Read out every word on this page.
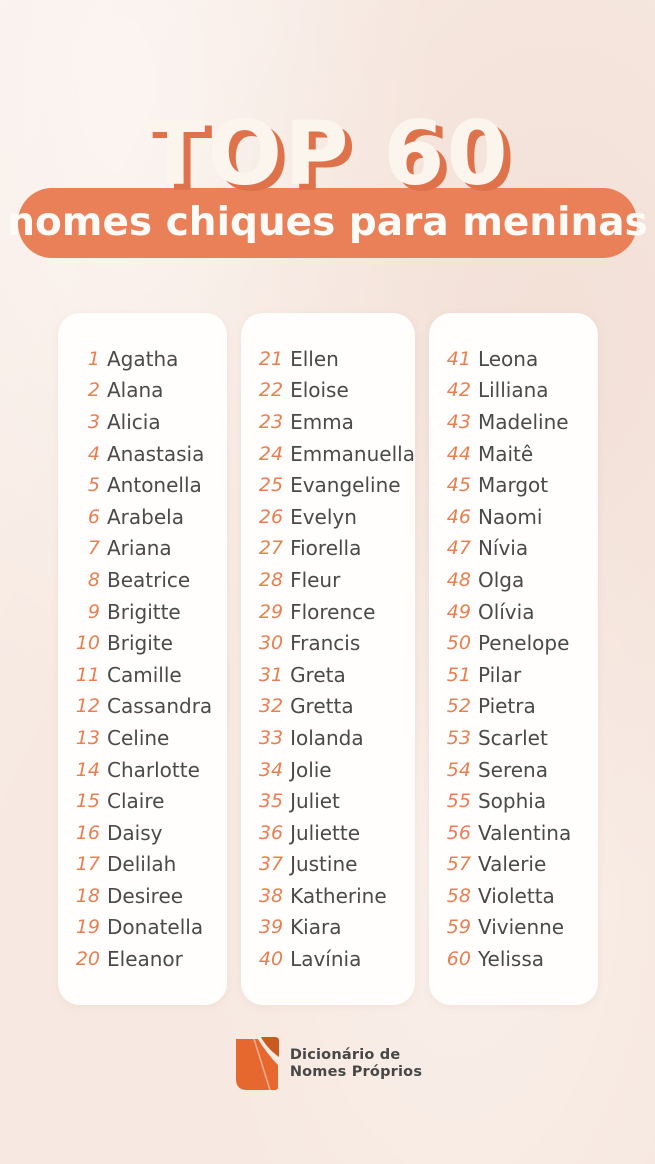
TOP 60
nomes chiques para meninas
1 Agatha
2 Alana
3 Alicia
4 Anastasia
5 Antonella
6 Arabela
7 Ariana
8 Beatrice
9 Brigitte
10 Brigite
11 Camille
12 Cassandra
13 Celine
14 Charlotte
15 Claire
16 Daisy
17 Delilah
18 Desiree
19 Donatella
20 Eleanor
21 Ellen
22 Eloise
23 Emma
24 Emmanuella
25 Evangeline
26 Evelyn
27 Fiorella
28 Fleur
29 Florence
30 Francis
31 Greta
32 Gretta
33 Iolanda
34 Jolie
35 Juliet
36 Juliette
37 Justine
38 Katherine
39 Kiara
40 Lavínia
41 Leona
42 Lilliana
43 Madeline
44 Maitê
45 Margot
46 Naomi
47 Nívia
48 Olga
49 Olívia
50 Penelope
51 Pilar
52 Pietra
53 Scarlet
54 Serena
55 Sophia
56 Valentina
57 Valerie
58 Violetta
59 Vivienne
60 Yelissa
Dicionário de
Nomes Próprios
